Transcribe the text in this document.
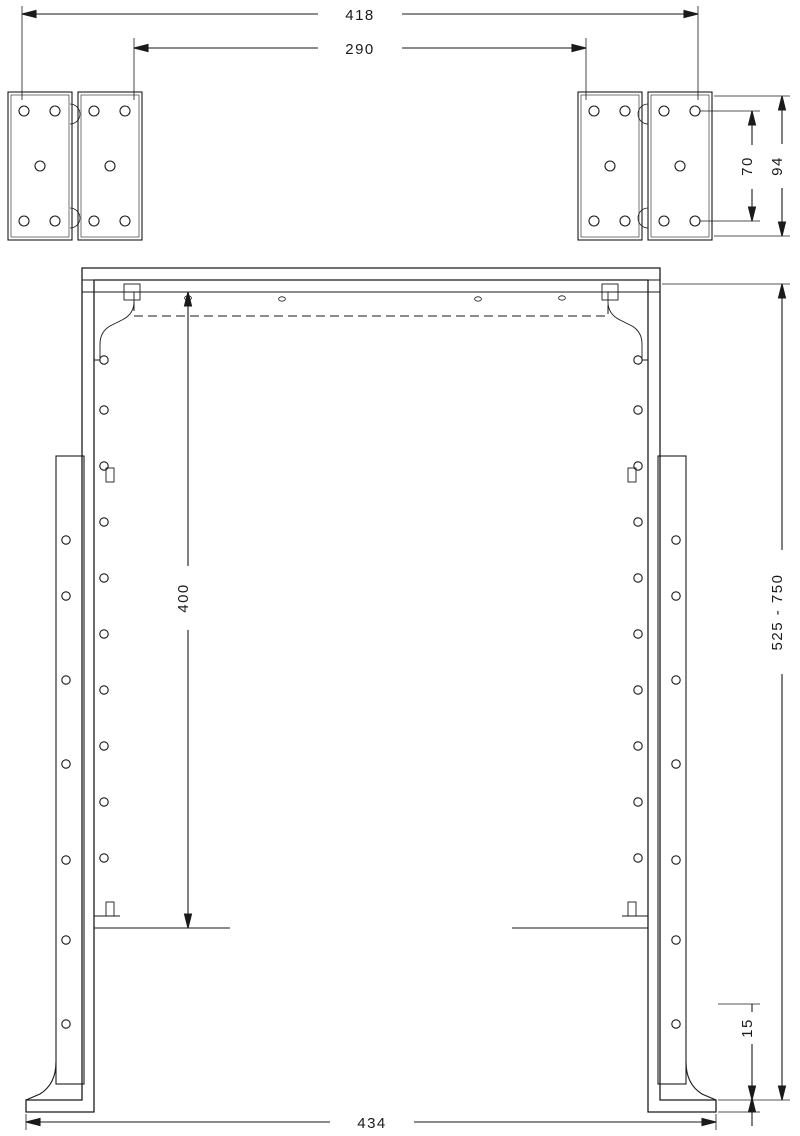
418
290
70 94
400	525 - 750
15
434
